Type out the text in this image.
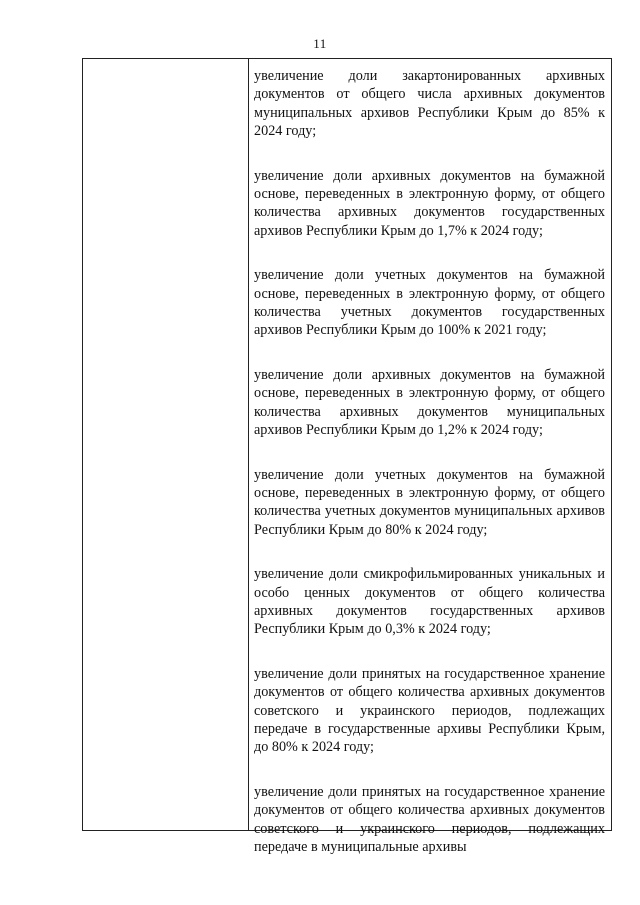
11

увеличение доли закартонированных архивных документов от общего числа архивных документов муниципальных архивов Республики Крым до 85% к 2024 году;

увеличение доли архивных документов на бумажной основе, переведенных в электронную форму, от общего количества архивных документов государственных архивов Республики Крым до 1,7% к 2024 году;

увеличение доли учетных документов на бумажной основе, переведенных в электронную форму, от общего количества учетных документов государственных архивов Республики Крым до 100% к 2021 году;

увеличение доли архивных документов на бумажной основе, переведенных в электронную форму, от общего количества архивных документов муниципальных архивов Республики Крым до 1,2% к 2024 году;

увеличение доли учетных документов на бумажной основе, переведенных в электронную форму, от общего количества учетных документов муниципальных архивов Республики Крым до 80% к 2024 году;

увеличение доли смикрофильмированных уникальных и особо ценных документов от общего количества архивных документов государственных архивов Республики Крым до 0,3% к 2024 году;

увеличение доли принятых на государственное хранение документов от общего количества архивных документов советского и украинского периодов, подлежащих передаче в государственные архивы Республики Крым, до 80% к 2024 году;

увеличение доли принятых на государственное хранение документов от общего количества архивных документов советского и украинского периодов, подлежащих передаче в муниципальные архивы
